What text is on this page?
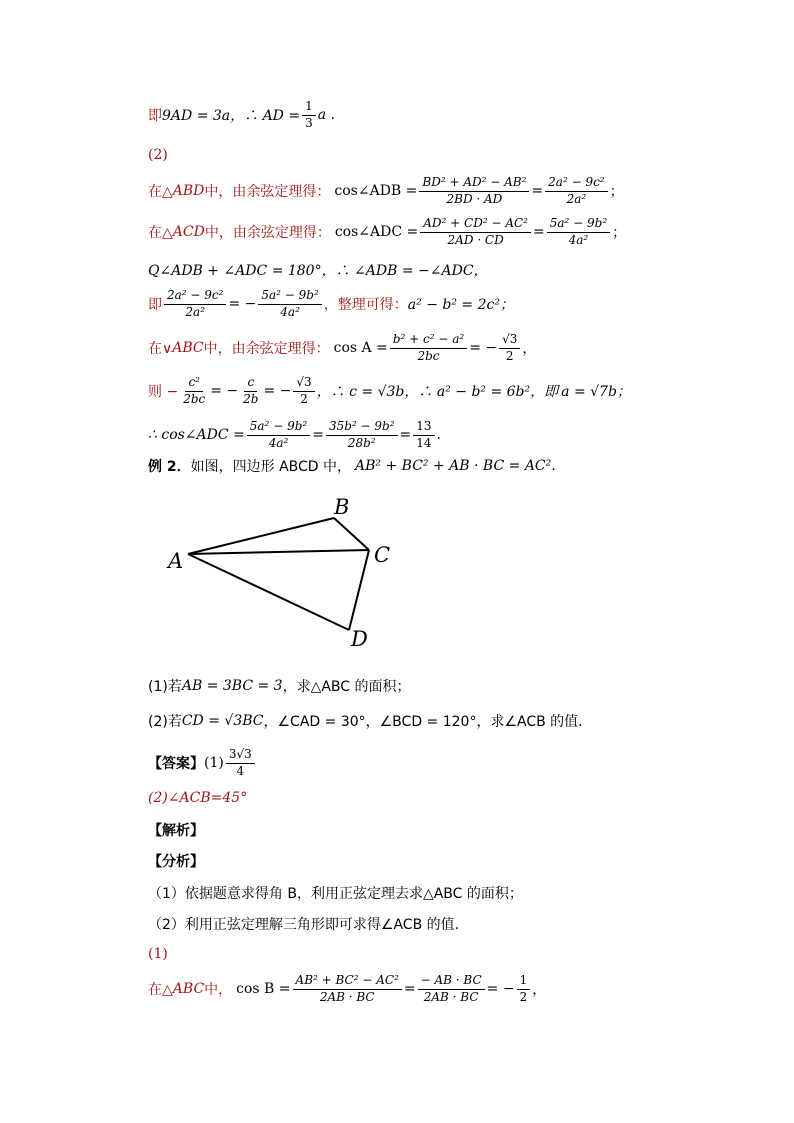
即 9AD = 3a，∴ AD = $\frac{1}{3}$ a .
(2)
在△ ABD 中，由余弦定理得： cos∠ADB = $\frac{\text{BD² + AD² − AB²}}{2BD \cdot AD} = \frac{\text{2a² − 9c²}}{\text{2a²}}$ ；
在△ ACD 中，由余弦定理得： cos∠ADC = $\frac{\text{AD² + CD² − AC²}}{2AD \cdot CD} = \frac{\text{5a² − 9b²}}{\text{4a²}}$ ；
Q∠ADB + ∠ADC = 180°，∴ ∠ADB = −∠ADC，
即 $\frac{\text{2a² − 9c²}}{\text{2a²}}$ = − $\frac{\text{5a² − 9b²}}{\text{4a²}}$ ，整理可得： a² − b² = 2c²；
在∨ ABC 中，由余弦定理得： $\cos A = \frac{\text{b² + c² − a²}}{2bc}$ = − $\frac{√3}{2}$ ，
则 − $\frac{\text{c²}}{2bc}$ = − $\frac{c}{2b}$ = − $\frac{√3}{2}$ ，∴ c = √3b，∴ a² − b² = 6b²，即 a = √7b；
∴ cos∠ADC = $\frac{\text{5a² − 9b²}}{\text{4a²}} = \frac{\text{35b² − 9b²}}{\text{28b²}} = \frac{13}{14}$ .
例 2． 如图，四边形 ABCD 中， AB² + BC² + AB · BC = AC² .
A
B
C
D
(1)若 AB = 3BC = 3 ，求△ABC 的面积；
(2)若 CD = √3BC ，∠CAD = 30°，∠BCD = 120°，求∠ACB 的值.
【答案】 $(1) \frac{3√3}{4}$
(2)∠ACB=45°
【解析】
【分析】
（1）依据题意求得角 B，利用正弦定理去求△ABC 的面积；
（2）利用正弦定理解三角形即可求得∠ACB 的值.
(1)
在△ ABC 中， $\cos B = \frac{\text{AB² + BC² − AC²}}{2AB \cdot BC} = \frac{- AB \cdot BC}{2AB \cdot BC}$ = − $\frac{1}{2}$ ，
